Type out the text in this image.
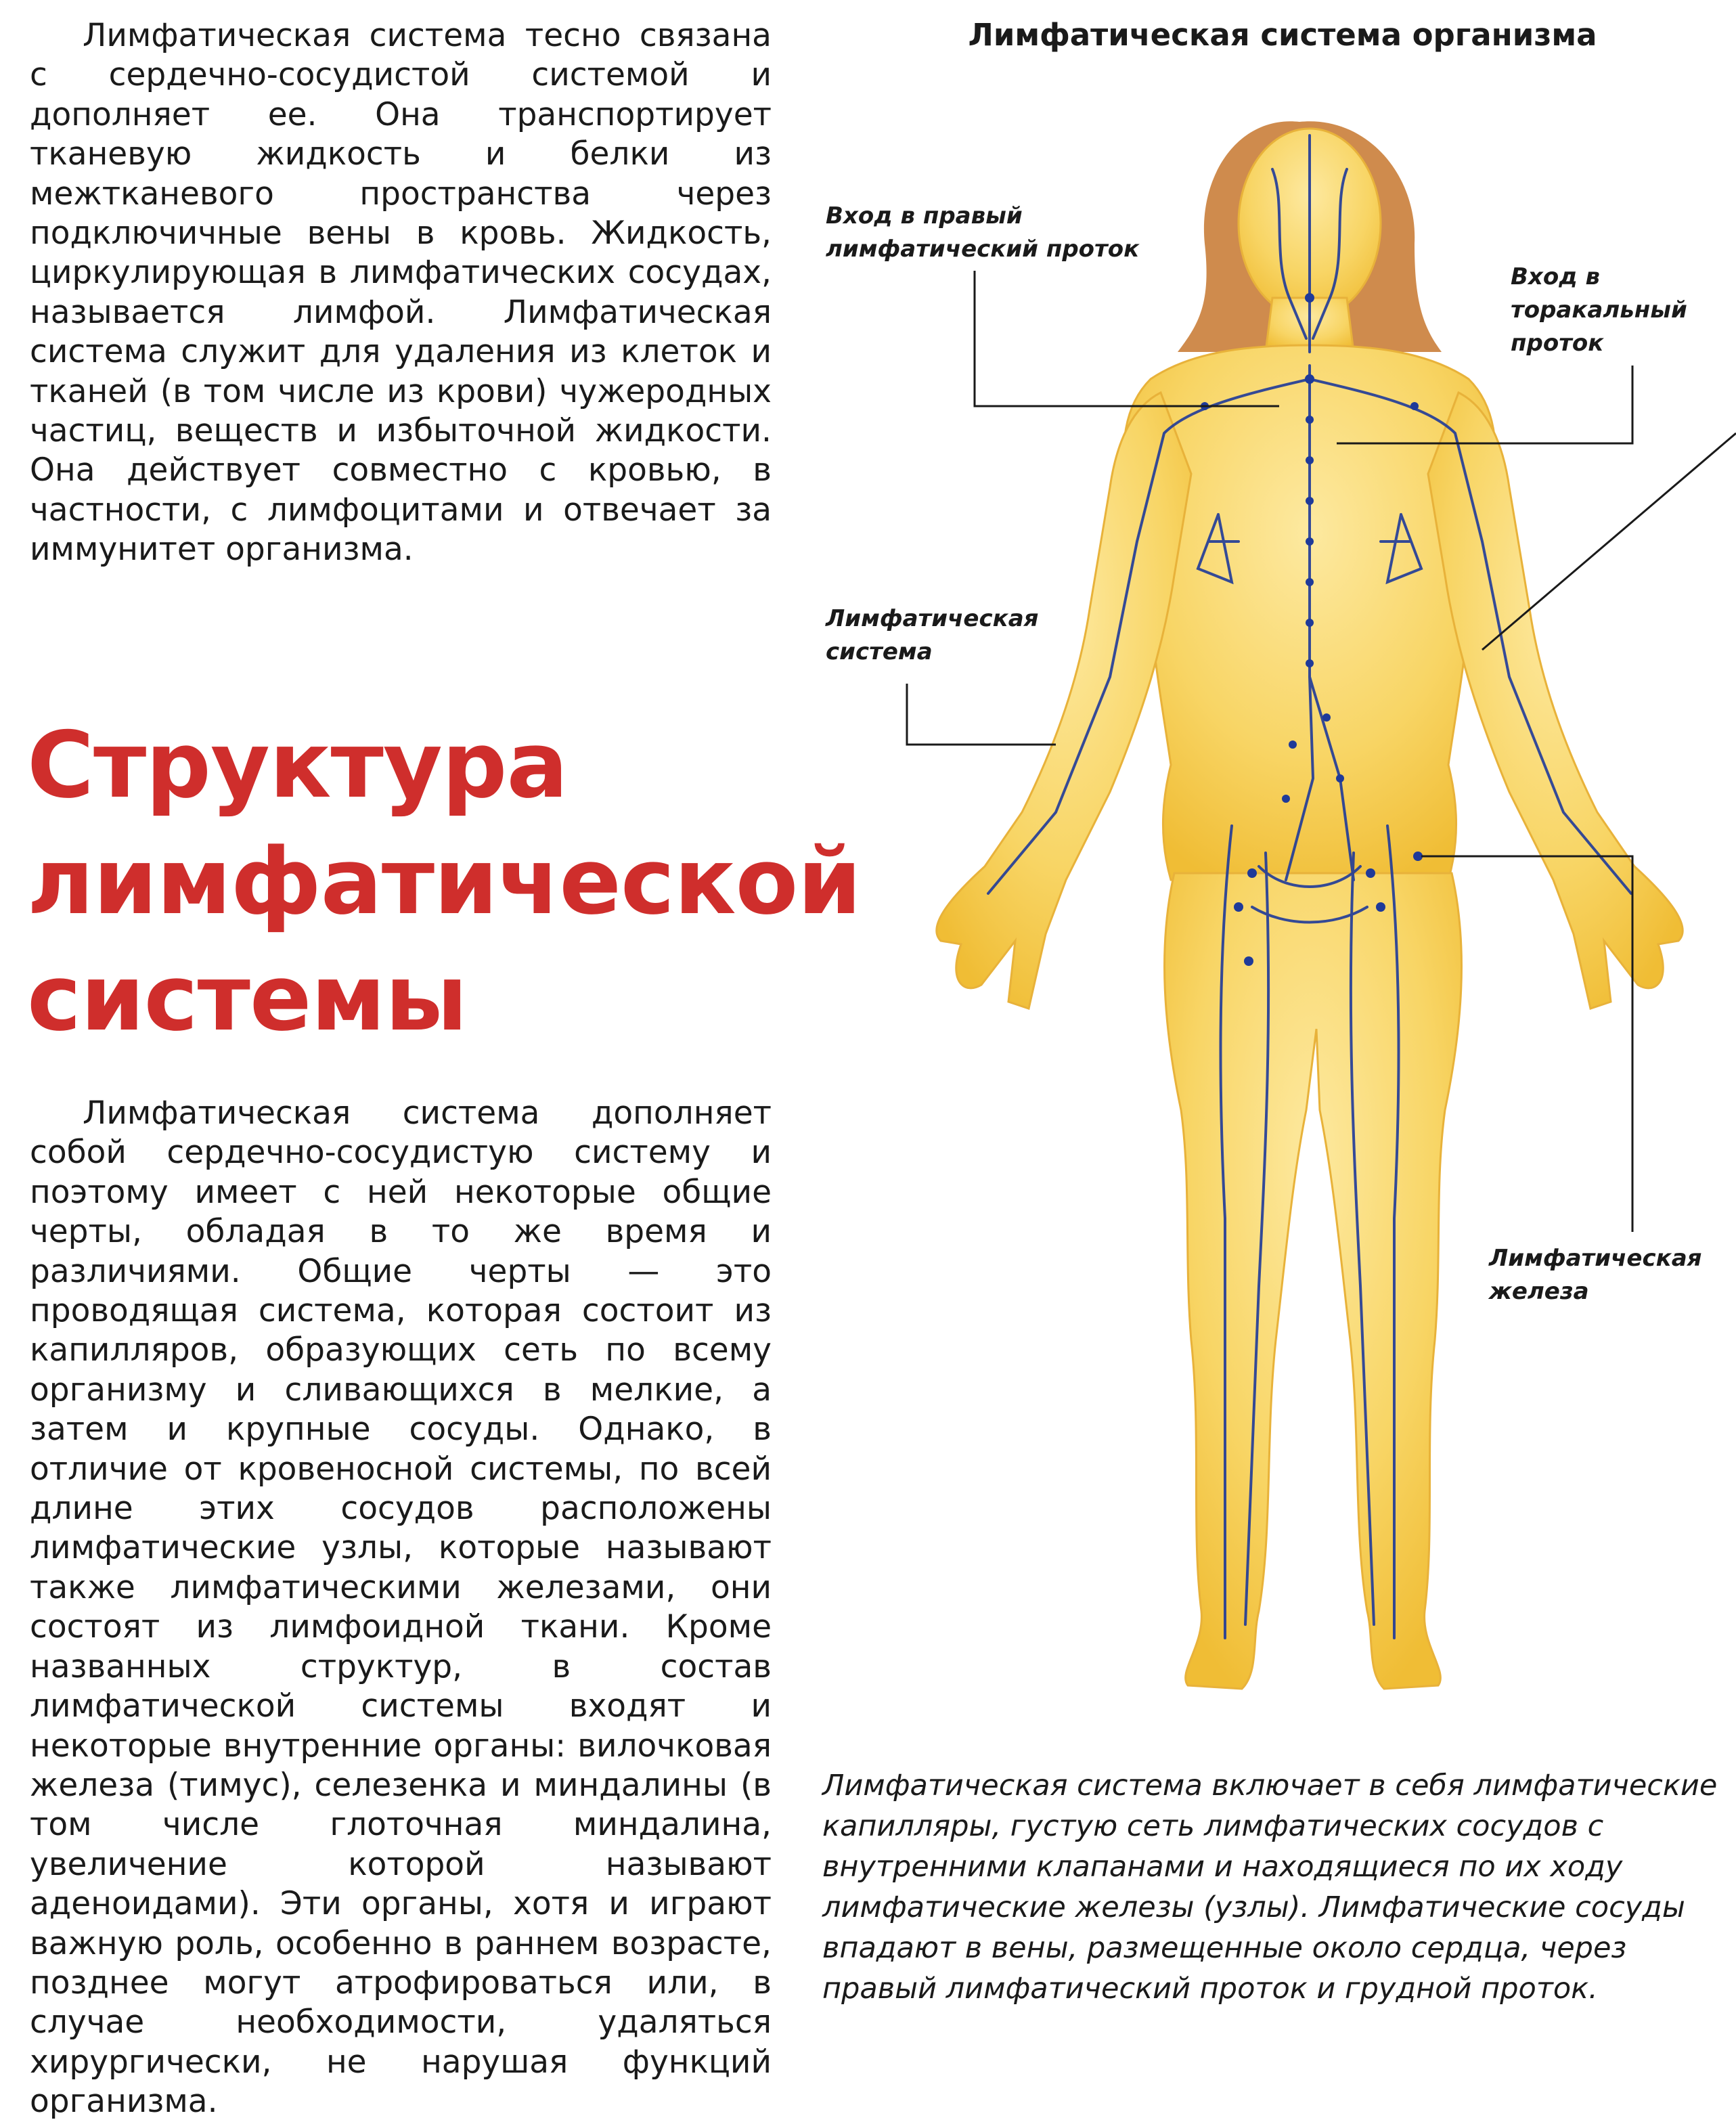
Лимфатическая система тесно связана с сердечно-сосудистой системой и дополняет ее. Она транспортирует тканевую жидкость и белки из межтканевого пространства через подключичные вены в кровь. Жидкость, циркулирующая в лимфатических сосудах, называется лимфой. Лимфатическая система служит для удаления из клеток и тканей (в том числе из крови) чужеродных частиц, веществ и избыточной жидкости. Она действует совместно с кровью, в частности, с лимфоцитами и отвечает за иммунитет организма.

Структура
лимфатической
системы

Лимфатическая система дополняет собой сердечно-сосудистую систему и поэтому имеет с ней некоторые общие черты, обладая в то же время и различиями. Общие черты — это проводящая система, которая состоит из капилляров, образующих сеть по всему организму и сливающихся в мелкие, а затем и крупные сосуды. Однако, в отличие от кровеносной системы, по всей длине этих сосудов расположены лимфатические узлы, которые называют также лимфатическими железами, они состоят из лимфоидной ткани. Кроме названных структур, в состав лимфатической системы входят и некоторые внутренние органы: вилочковая железа (тимус), селезенка и миндалины (в том числе глоточная миндалина, увеличение которой называют аденоидами). Эти органы, хотя и играют важную роль, особенно в раннем возрасте, позднее могут атрофироваться или, в случае необходимости, удаляться хирургически, не нарушая функций организма.

Лимфатическая система организма

Вход в правый лимфатический проток

Вход в торакальный проток

Лимфатическая система

Лимфатическая железа

Лимфатическая система включает в себя лимфатические капилляры, густую сеть лимфатических сосудов с внутренними клапанами и находящиеся по их ходу лимфатические железы (узлы). Лимфатические сосуды впадают в вены, размещенные около сердца, через правый лимфатический проток и грудной проток.
